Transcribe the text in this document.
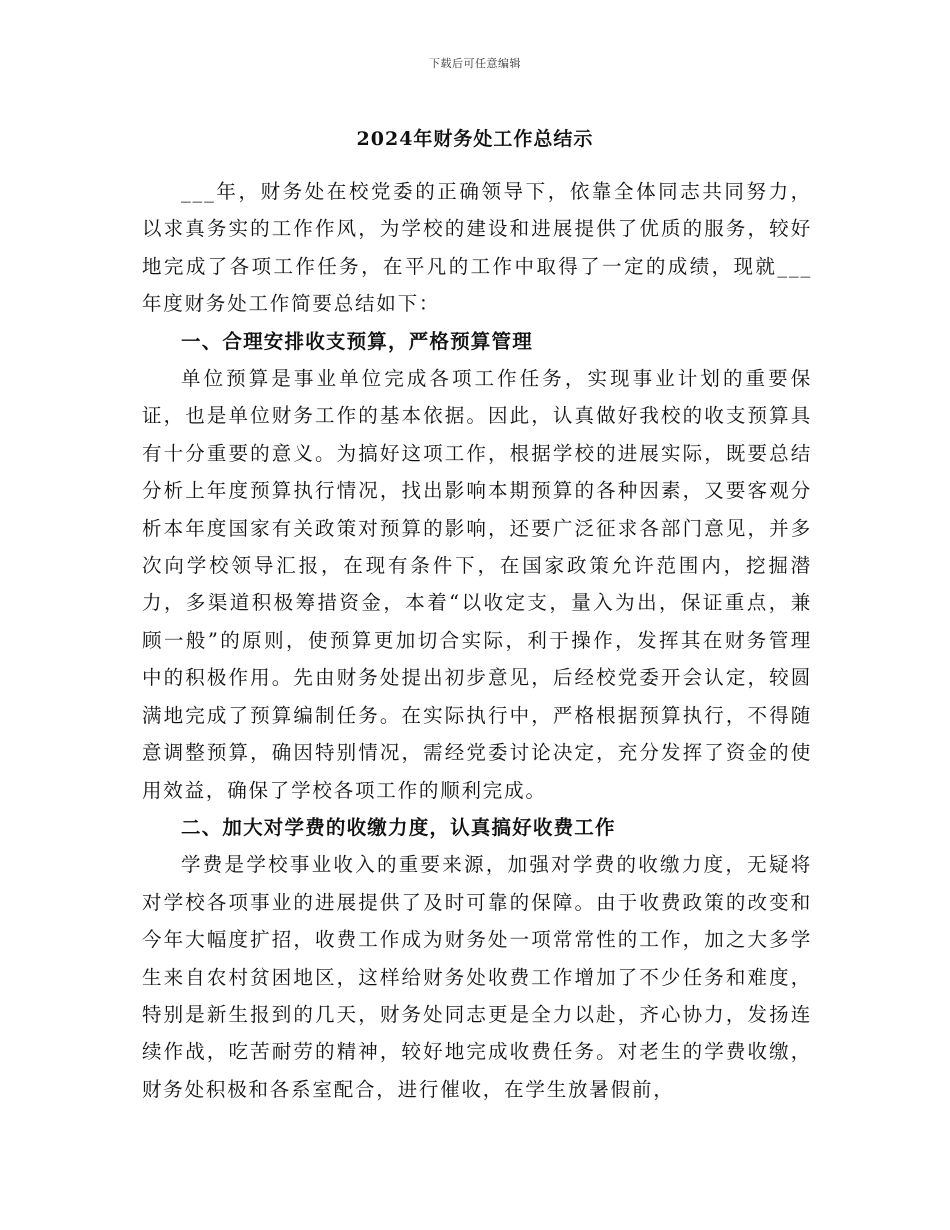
下载后可任意编辑
2024年财务处工作总结示

___年，财务处在校党委的正确领导下，依靠全体同志共同努力，以求真务实的工作作风，为学校的建设和进展提供了优质的服务，较好地完成了各项工作任务，在平凡的工作中取得了一定的成绩，现就___年度财务处工作简要总结如下：

一、合理安排收支预算，严格预算管理

单位预算是事业单位完成各项工作任务，实现事业计划的重要保证，也是单位财务工作的基本依据。因此，认真做好我校的收支预算具有十分重要的意义。为搞好这项工作，根据学校的进展实际，既要总结分析上年度预算执行情况，找出影响本期预算的各种因素，又要客观分析本年度国家有关政策对预算的影响，还要广泛征求各部门意见，并多次向学校领导汇报，在现有条件下，在国家政策允许范围内，挖掘潜力，多渠道积极筹措资金，本着“以收定支，量入为出，保证重点，兼顾一般”的原则，使预算更加切合实际，利于操作，发挥其在财务管理中的积极作用。先由财务处提出初步意见，后经校党委开会认定，较圆满地完成了预算编制任务。在实际执行中，严格根据预算执行，不得随意调整预算，确因特别情况，需经党委讨论决定，充分发挥了资金的使用效益，确保了学校各项工作的顺利完成。

二、加大对学费的收缴力度，认真搞好收费工作

学费是学校事业收入的重要来源，加强对学费的收缴力度，无疑将对学校各项事业的进展提供了及时可靠的保障。由于收费政策的改变和今年大幅度扩招，收费工作成为财务处一项常常性的工作，加之大多学生来自农村贫困地区，这样给财务处收费工作增加了不少任务和难度，特别是新生报到的几天，财务处同志更是全力以赴，齐心协力，发扬连续作战，吃苦耐劳的精神，较好地完成收费任务。对老生的学费收缴，财务处积极和各系室配合，进行催收，在学生放暑假前，
